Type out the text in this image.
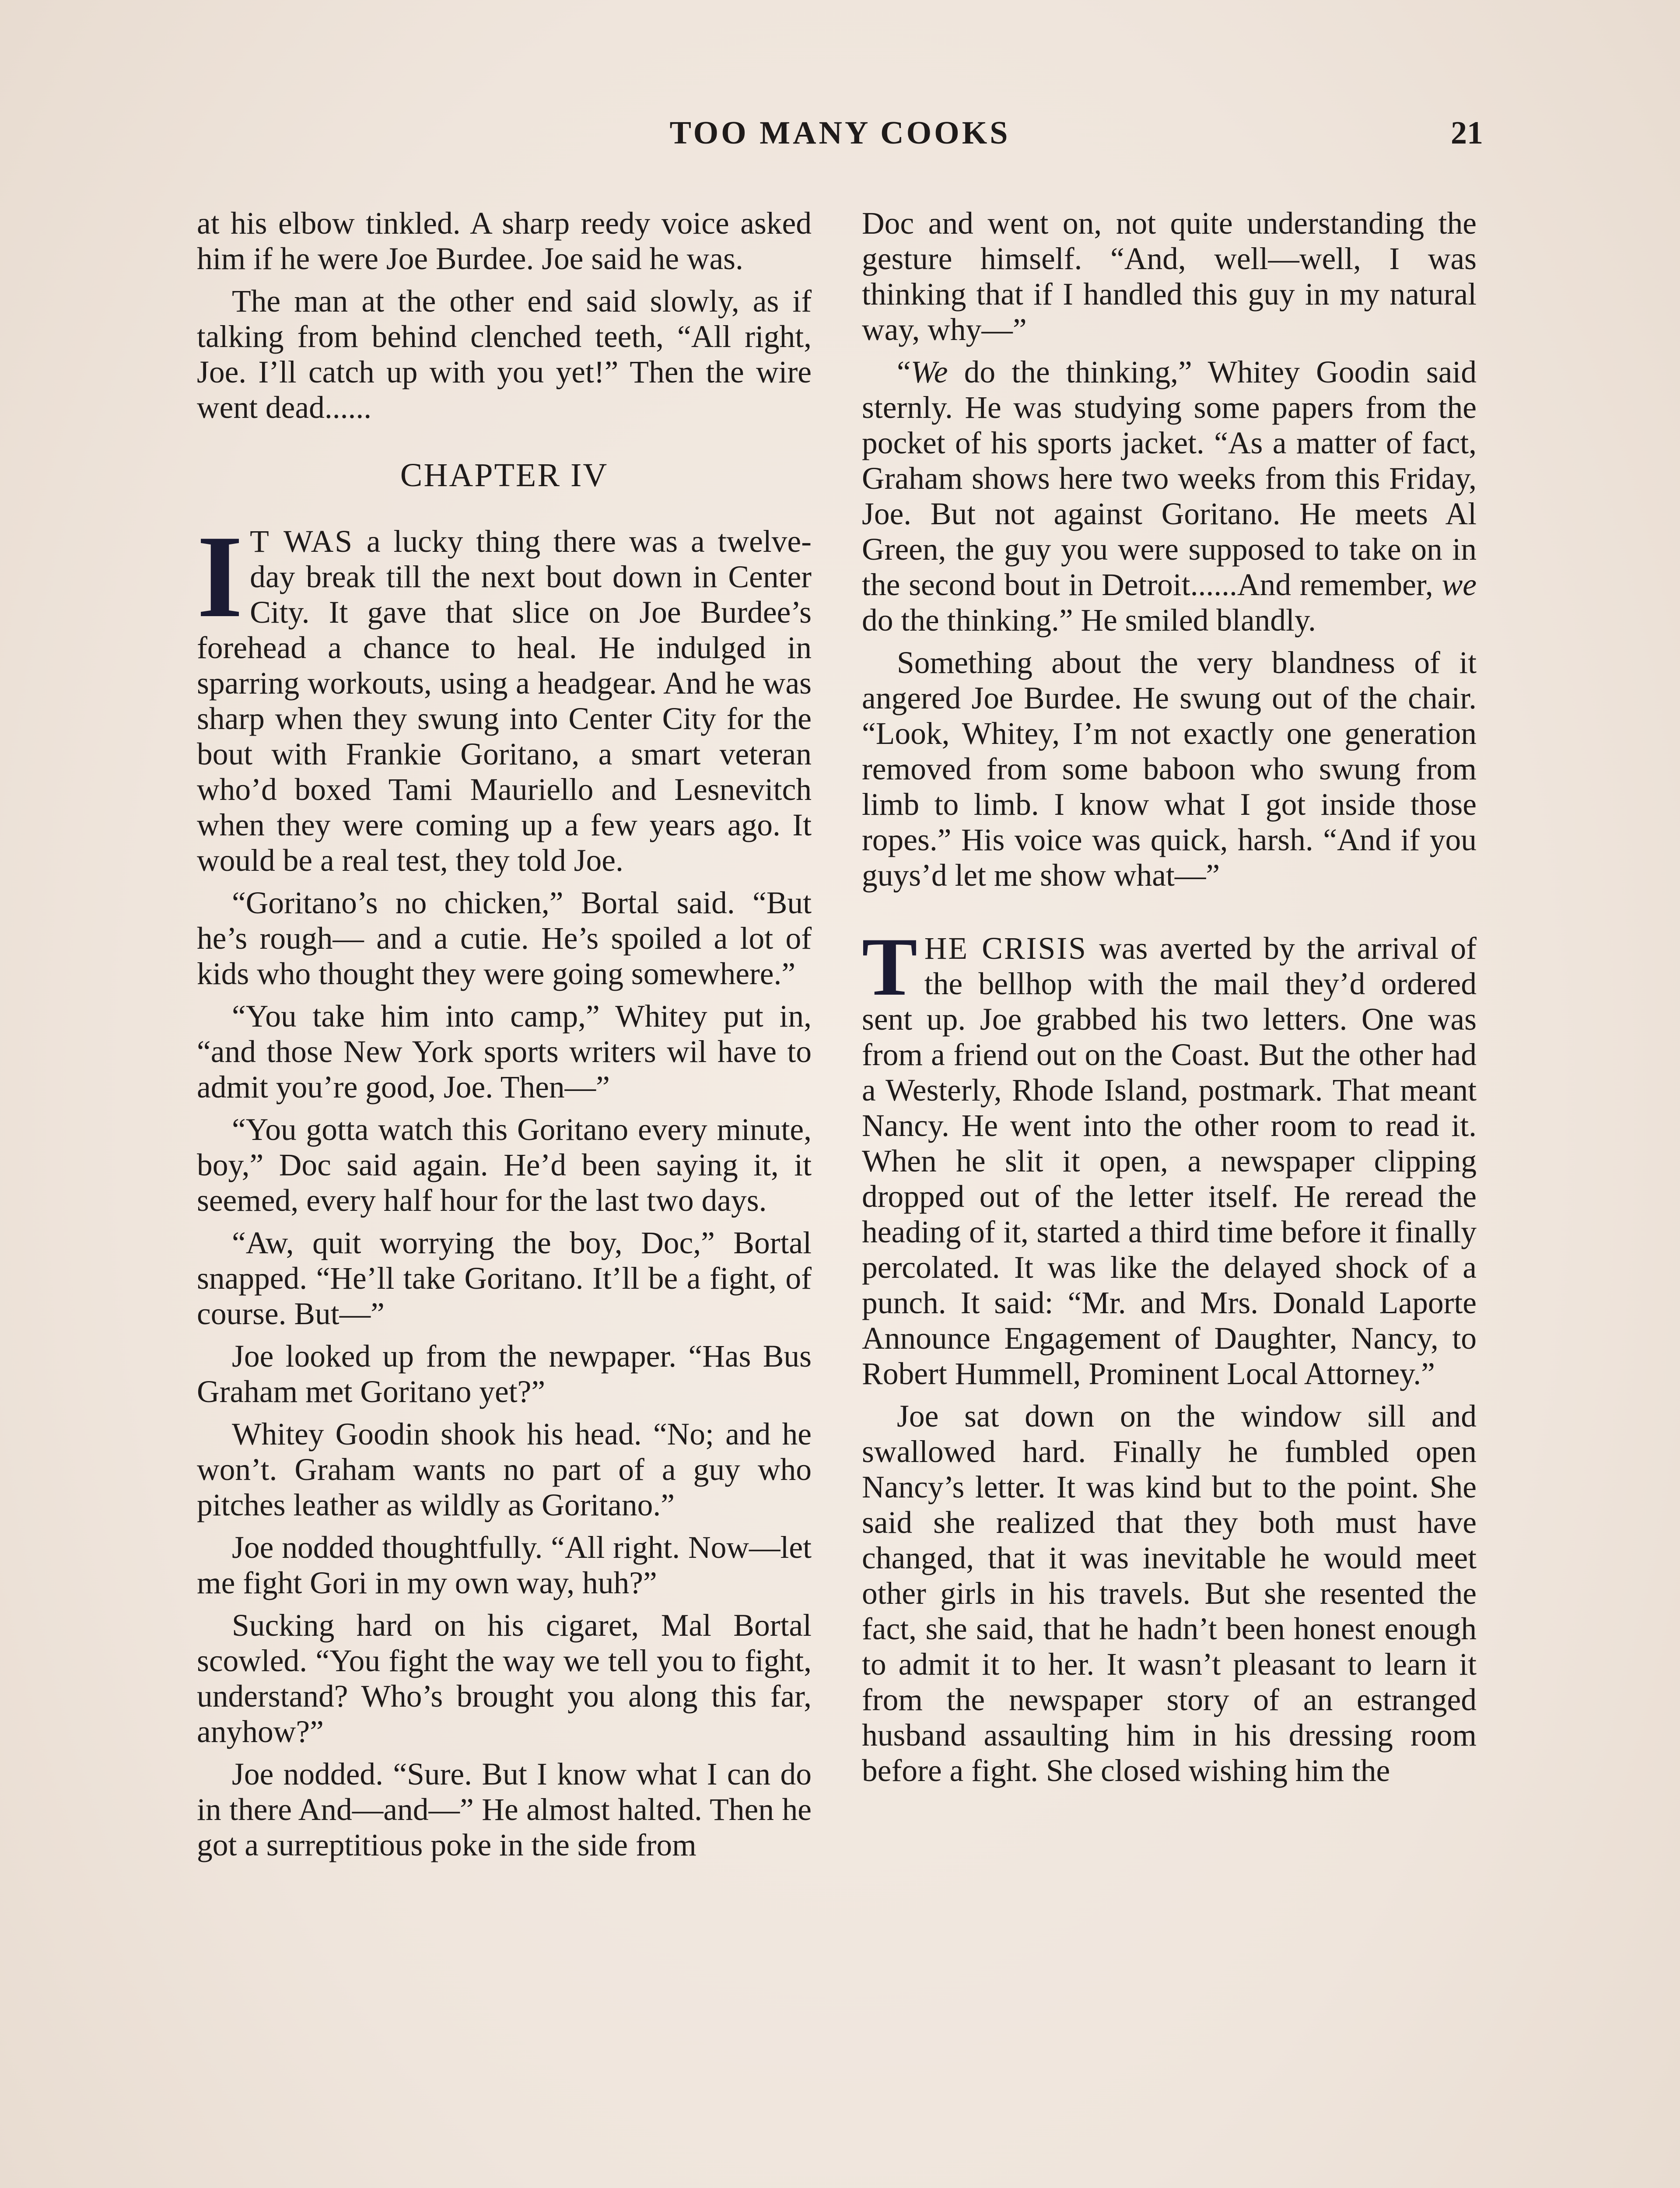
TOO MANY COOKS	21

at his elbow tinkled. A sharp reedy voice asked him if he were Joe Burdee. Joe said he was.

The man at the other end said slowly, as if talking from behind clenched teeth, “All right, Joe. I’ll catch up with you yet!” Then the wire went dead......

CHAPTER IV

I T WAS a lucky thing there was a twelve-day break till the next bout down in Center City. It gave that slice on Joe Burdee’s forehead a chance to heal. He indulged in sparring workouts, using a headgear. And he was sharp when they swung into Center City for the bout with Frankie Goritano, a smart veteran who’d boxed Tami Mauriello and Lesnevitch when they were coming up a few years ago. It would be a real test, they told Joe.

“Goritano’s no chicken,” Bortal said. “But he’s rough— and a cutie. He’s spoiled a lot of kids who thought they were going somewhere.”

“You take him into camp,” Whitey put in, “and those New York sports writers wil have to admit you’re good, Joe. Then—”

“You gotta watch this Goritano every minute, boy,” Doc said again. He’d been saying it, it seemed, every half hour for the last two days.

“Aw, quit worrying the boy, Doc,” Bortal snapped. “He’ll take Goritano. It’ll be a fight, of course. But—”

Joe looked up from the newpaper. “Has Bus Graham met Goritano yet?”

Whitey Goodin shook his head. “No; and he won’t. Graham wants no part of a guy who pitches leather as wildly as Goritano.”

Joe nodded thoughtfully. “All right. Now—let me fight Gori in my own way, huh?”

Sucking hard on his cigaret, Mal Bortal scowled. “You fight the way we tell you to fight, understand? Who’s brought you along this far, anyhow?”

Joe nodded. “Sure. But I know what I can do in there And—and—” He almost halted. Then he got a surreptitious poke in the side from

Doc and went on, not quite understanding the gesture himself. “And, well—well, I was thinking that if I handled this guy in my natural way, why—”

“We do the thinking,” Whitey Goodin said sternly. He was studying some papers from the pocket of his sports jacket. “As a matter of fact, Graham shows here two weeks from this Friday, Joe. But not against Goritano. He meets Al Green, the guy you were supposed to take on in the second bout in Detroit......And remember, we do the thinking.” He smiled blandly.

Something about the very blandness of it angered Joe Burdee. He swung out of the chair. “Look, Whitey, I’m not exactly one generation removed from some baboon who swung from limb to limb. I know what I got inside those ropes.” His voice was quick, harsh. “And if you guys’d let me show what—”

THE CRISIS was averted by the arrival of the bellhop with the mail they’d ordered sent up. Joe grabbed his two letters. One was from a friend out on the Coast. But the other had a Westerly, Rhode Island, postmark. That meant Nancy. He went into the other room to read it. When he slit it open, a newspaper clipping dropped out of the letter itself. He reread the heading of it, started a third time before it finally percolated. It was like the delayed shock of a punch. It said: “Mr. and Mrs. Donald Laporte Announce Engagement of Daughter, Nancy, to Robert Hummell, Prominent Local Attorney.”

Joe sat down on the window sill and swallowed hard. Finally he fumbled open Nancy’s letter. It was kind but to the point. She said she realized that they both must have changed, that it was inevitable he would meet other girls in his travels. But she resented the fact, she said, that he hadn’t been honest enough to admit it to her. It wasn’t pleasant to learn it from the newspaper story of an estranged husband assaulting him in his dressing room before a fight. She closed wishing him the
